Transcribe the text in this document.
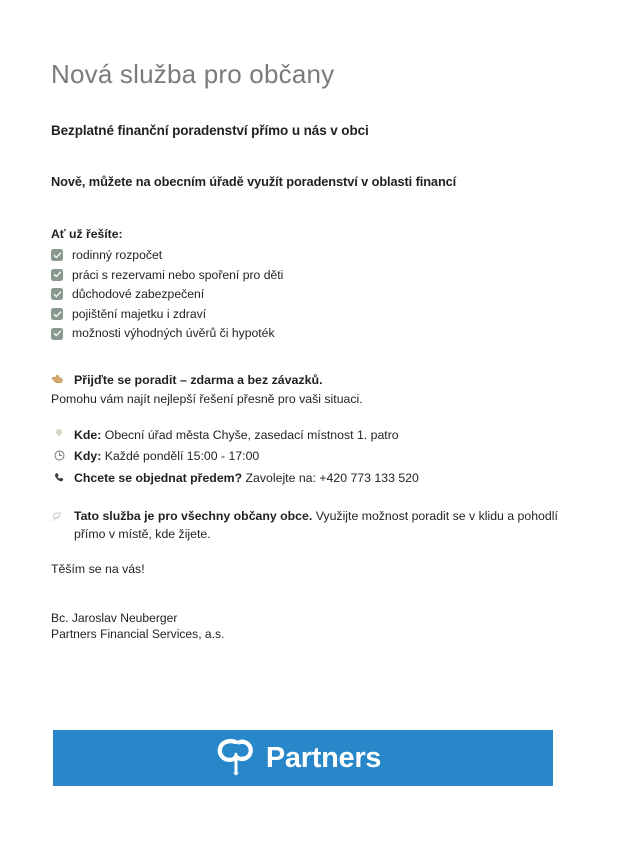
Nová služba pro občany
Bezplatné finanční poradenství přímo u nás v obci

Nově, můžete na obecním úřadě využít poradenství v oblasti financí

Ať už řešíte:

rodinný rozpočet
práci s rezervami nebo spoření pro děti
důchodové zabezpečení
pojištění majetku i zdraví
možnosti výhodných úvěrů či hypoték
Přijďte se poradit – zdarma a bez závazků.

Pomohu vám najít nejlepší řešení přesně pro vaši situaci.

Kde: Obecní úřad města Chyše, zasedací místnost 1. patro
Kdy: Každé pondělí 15:00 - 17:00
Chcete se objednat předem? Zavolejte na: +420 773 133 520
Tato služba je pro všechny občany obce. Využijte možnost poradit se v klidu a pohodlí přímo v místě, kde žijete.

Těším se na vás!

Bc. Jaroslav Neuberger
Partners Financial Services, a.s.
Partners
